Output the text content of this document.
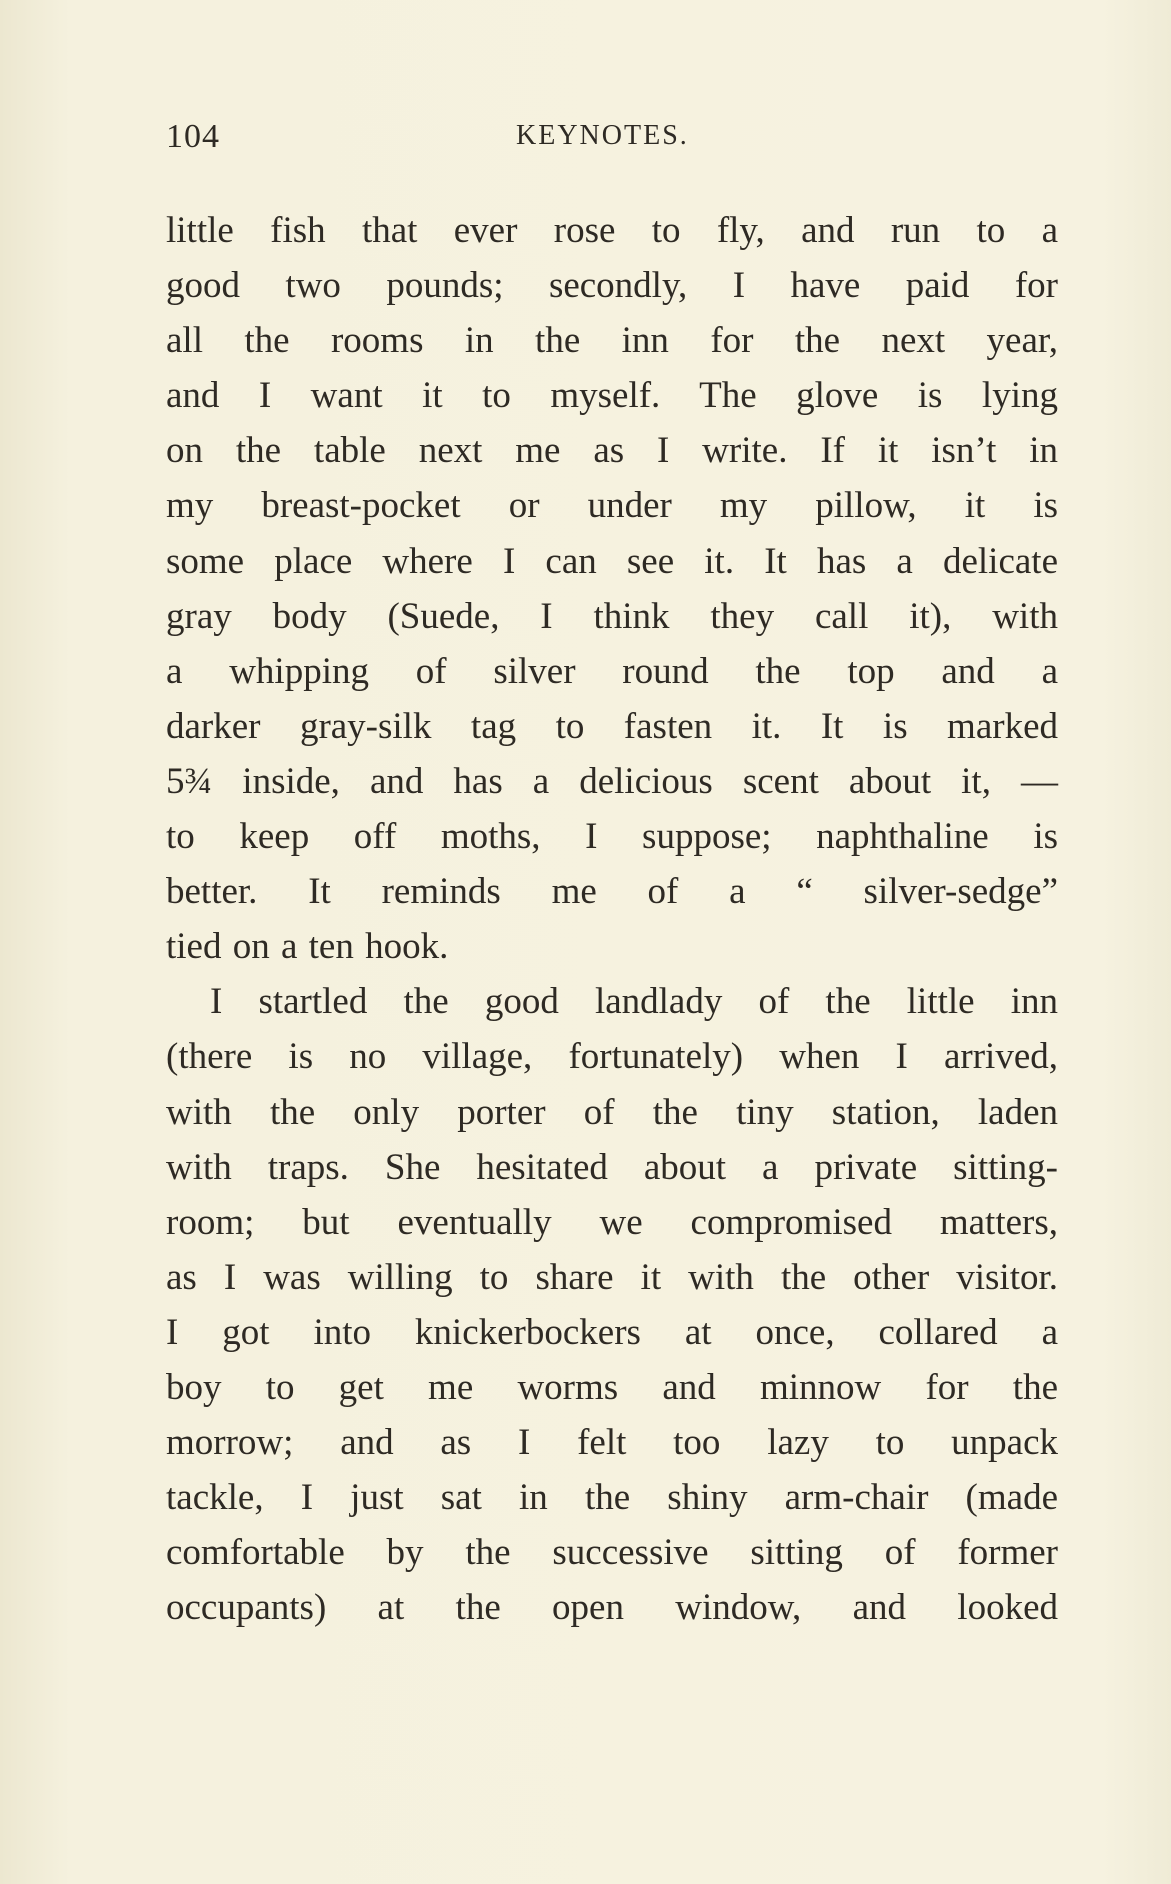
104	KEYNOTES.
little fish that ever rose to fly, and run to a
good two pounds; secondly, I have paid for
all the rooms in the inn for the next year,
and I want it to myself. The glove is lying
on the table next me as I write. If it isn’t in
my breast-pocket or under my pillow, it is
some place where I can see it. It has a delicate
gray body (Suede, I think they call it), with
a whipping of silver round the top and a
darker gray-silk tag to fasten it. It is marked
5¾ inside, and has a delicious scent about it, —
to keep off moths, I suppose; naphthaline is
better. It reminds me of a “ silver-sedge”
tied on a ten hook.
I startled the good landlady of the little inn
(there is no village, fortunately) when I arrived,
with the only porter of the tiny station, laden
with traps. She hesitated about a private sitting-
room; but eventually we compromised matters,
as I was willing to share it with the other visitor.
I got into knickerbockers at once, collared a
boy to get me worms and minnow for the
morrow; and as I felt too lazy to unpack
tackle, I just sat in the shiny arm-chair (made
comfortable by the successive sitting of former
occupants) at the open window, and looked
